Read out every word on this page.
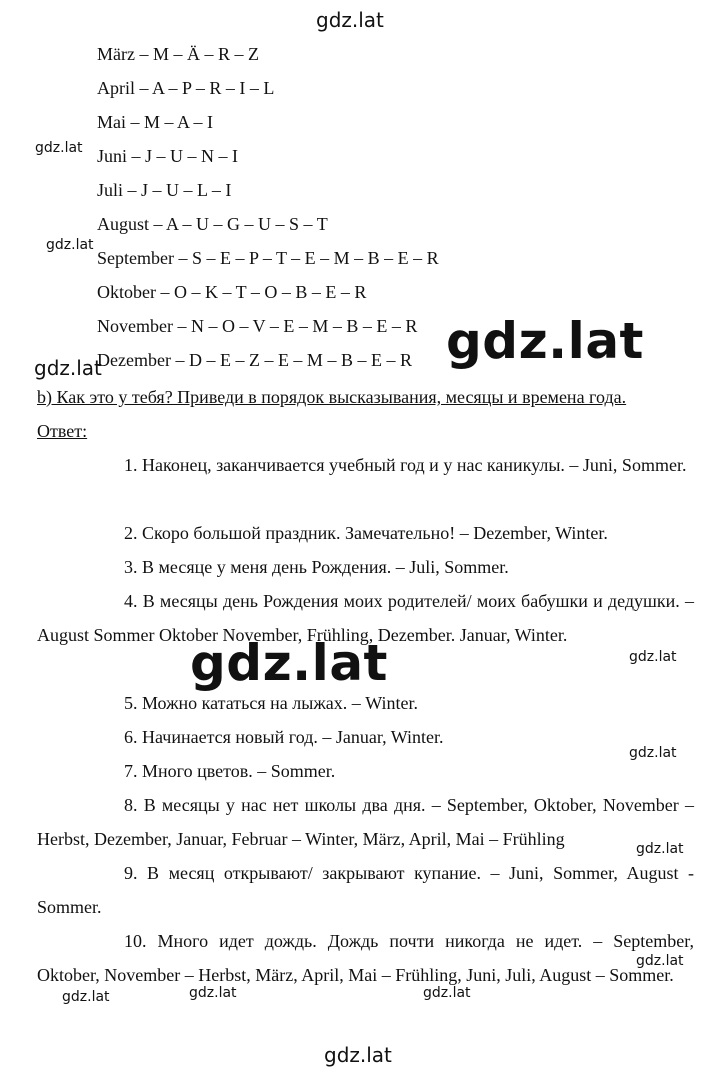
März – M – Ä – R – Z
April – A – P – R – I – L
Mai – M – A – I
Juni – J – U – N – I
Juli – J – U – L – I
August – A – U – G – U – S – T
September – S – E – P – T – E – M – B – E – R
Oktober – O – K – T – O – B – E – R
November – N – O – V – E – M – B – E – R
Dezember – D – E – Z – E – M – B – E – R
b) Как это у тебя? Приведи в порядок высказывания, месяцы и времена года.
Ответ:
1. Наконец, заканчивается учебный год и у нас каникулы. – Juni, Sommer.
2. Скоро большой праздник. Замечательно! – Dezember, Winter.
3. В месяце у меня день Рождения. – Juli, Sommer.
4. В месяцы день Рождения моих родителей/ моих бабушки и дедушки. – August Sommer Oktober November, Frühling, Dezember. Januar, Winter.
5. Можно кататься на лыжах. – Winter.
6. Начинается новый год. – Januar, Winter.
7. Много цветов. – Sommer.
8. В месяцы у нас нет школы два дня. – September, Oktober, November – Herbst, Dezember, Januar, Februar – Winter, März, April, Mai – Frühling
9. В месяц открывают/ закрывают купание. – Juni, Sommer, August - Sommer.
10. Много идет дождь. Дождь почти никогда не идет. – September, Oktober, November – Herbst, März, April, Mai – Frühling, Juni, Juli, August – Sommer.
gdz.lat
gdz.lat
gdz.lat
gdz.lat	gdz.lat
gdz.lat	gdz.lat
gdz.lat
gdz.lat
gdz.lat
gdz.lat	gdz.lat	gdz.lat
gdz.lat
